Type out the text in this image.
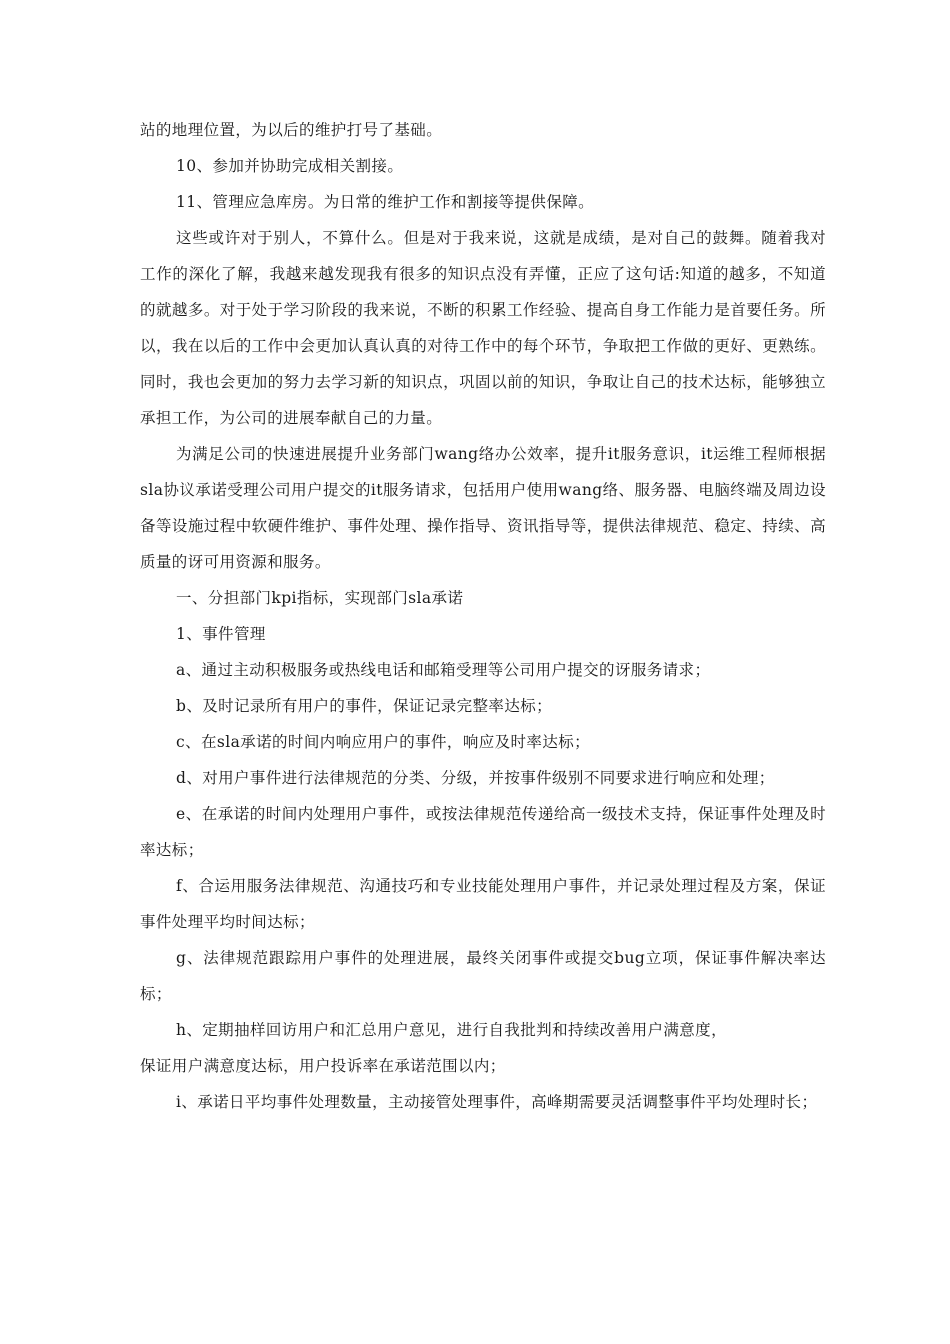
站的地理位置，为以后的维护打号了基础。

10、参加并协助完成相关割接。

11、管理应急库房。为日常的维护工作和割接等提供保障。

这些或许对于别人，不算什么。但是对于我来说，这就是成绩，是对自己的鼓舞。随着我对工作的深化了解，我越来越发现我有很多的知识点没有弄懂，正应了这句话:知道的越多，不知道的就越多。对于处于学习阶段的我来说，不断的积累工作经验、提高自身工作能力是首要任务。所以，我在以后的工作中会更加认真认真的对待工作中的每个环节，争取把工作做的更好、更熟练。同时，我也会更加的努力去学习新的知识点，巩固以前的知识，争取让自己的技术达标，能够独立承担工作，为公司的进展奉献自己的力量。

为满足公司的快速进展提升业务部门wang络办公效率，提升it服务意识，it运维工程师根据sla协议承诺受理公司用户提交的it服务请求，包括用户使用wang络、服务器、电脑终端及周边设备等设施过程中软硬件维护、事件处理、操作指导、资讯指导等，提供法律规范、稳定、持续、高质量的讶可用资源和服务。

一、分担部门kpi指标，实现部门sla承诺

1、事件管理

a、通过主动积极服务或热线电话和邮箱受理等公司用户提交的讶服务请求；

b、及时记录所有用户的事件，保证记录完整率达标；

c、在sla承诺的时间内响应用户的事件，响应及时率达标；

d、对用户事件进行法律规范的分类、分级，并按事件级别不同要求进行响应和处理；

e、在承诺的时间内处理用户事件，或按法律规范传递给高一级技术支持，保证事件处理及时率达标；

f、合运用服务法律规范、沟通技巧和专业技能处理用户事件，并记录处理过程及方案，保证事件处理平均时间达标；

g、法律规范跟踪用户事件的处理进展，最终关闭事件或提交bug立项，保证事件解决率达标；

h、定期抽样回访用户和汇总用户意见，进行自我批判和持续改善用户满意度，

保证用户满意度达标，用户投诉率在承诺范围以内；

i、承诺日平均事件处理数量，主动接管处理事件，高峰期需要灵活调整事件平均处理时长；
